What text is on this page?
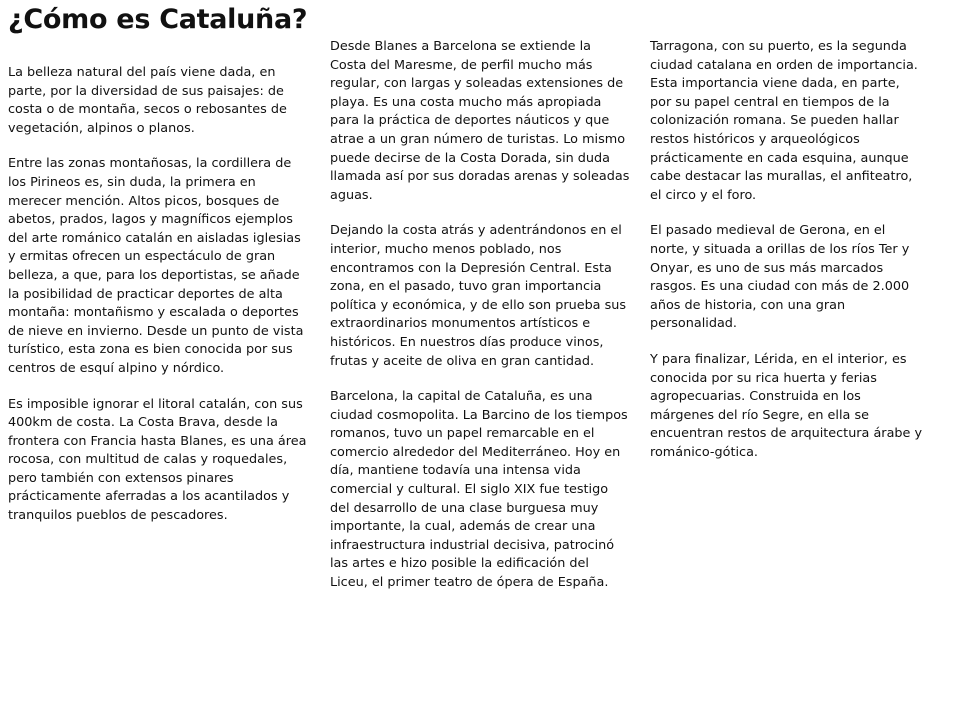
¿Cómo es Cataluña?

La belleza natural del país viene dada, en parte, por la diversidad de sus paisajes: de costa o de montaña, secos o rebosantes de vegetación, alpinos o planos.

Entre las zonas montañosas, la cordillera de los Pirineos es, sin duda, la primera en merecer mención. Altos picos, bosques de abetos, prados, lagos y magníficos ejemplos del arte románico catalán en aisladas iglesias y ermitas ofrecen un espectáculo de gran belleza, a que, para los deportistas, se añade la posibilidad de practicar deportes de alta montaña: montañismo y escalada o deportes de nieve en invierno. Desde un punto de vista turístico, esta zona es bien conocida por sus centros de esquí alpino y nórdico.

Es imposible ignorar el litoral catalán, con sus 400km de costa. La Costa Brava, desde la frontera con Francia hasta Blanes, es una área rocosa, con multitud de calas y roquedales, pero también con extensos pinares prácticamente aferradas a los acantilados y tranquilos pueblos de pescadores.

Desde Blanes a Barcelona se extiende la Costa del Maresme, de perfil mucho más regular, con largas y soleadas extensiones de playa. Es una costa mucho más apropiada para la práctica de deportes náuticos y que atrae a un gran número de turistas. Lo mismo puede decirse de la Costa Dorada, sin duda llamada así por sus doradas arenas y soleadas aguas.

Dejando la costa atrás y adentrándonos en el interior, mucho menos poblado, nos encontramos con la Depresión Central. Esta zona, en el pasado, tuvo gran importancia política y económica, y de ello son prueba sus extraordinarios monumentos artísticos e históricos. En nuestros días produce vinos, frutas y aceite de oliva en gran cantidad.

Barcelona, la capital de Cataluña, es una ciudad cosmopolita. La Barcino de los tiempos romanos, tuvo un papel remarcable en el comercio alrededor del Mediterráneo. Hoy en día, mantiene todavía una intensa vida comercial y cultural. El siglo XIX fue testigo del desarrollo de una clase burguesa muy importante, la cual, además de crear una infraestructura industrial decisiva, patrocinó las artes e hizo posible la edificación del Liceu, el primer teatro de ópera de España.

Tarragona, con su puerto, es la segunda ciudad catalana en orden de importancia. Esta importancia viene dada, en parte, por su papel central en tiempos de la colonización romana. Se pueden hallar restos históricos y arqueológicos prácticamente en cada esquina, aunque cabe destacar las murallas, el anfiteatro, el circo y el foro.

El pasado medieval de Gerona, en el norte, y situada a orillas de los ríos Ter y Onyar, es uno de sus más marcados rasgos. Es una ciudad con más de 2.000 años de historia, con una gran personalidad.

Y para finalizar, Lérida, en el interior, es conocida por su rica huerta y ferias agropecuarias. Construida en los márgenes del río Segre, en ella se encuentran restos de arquitectura árabe y románico-gótica.
